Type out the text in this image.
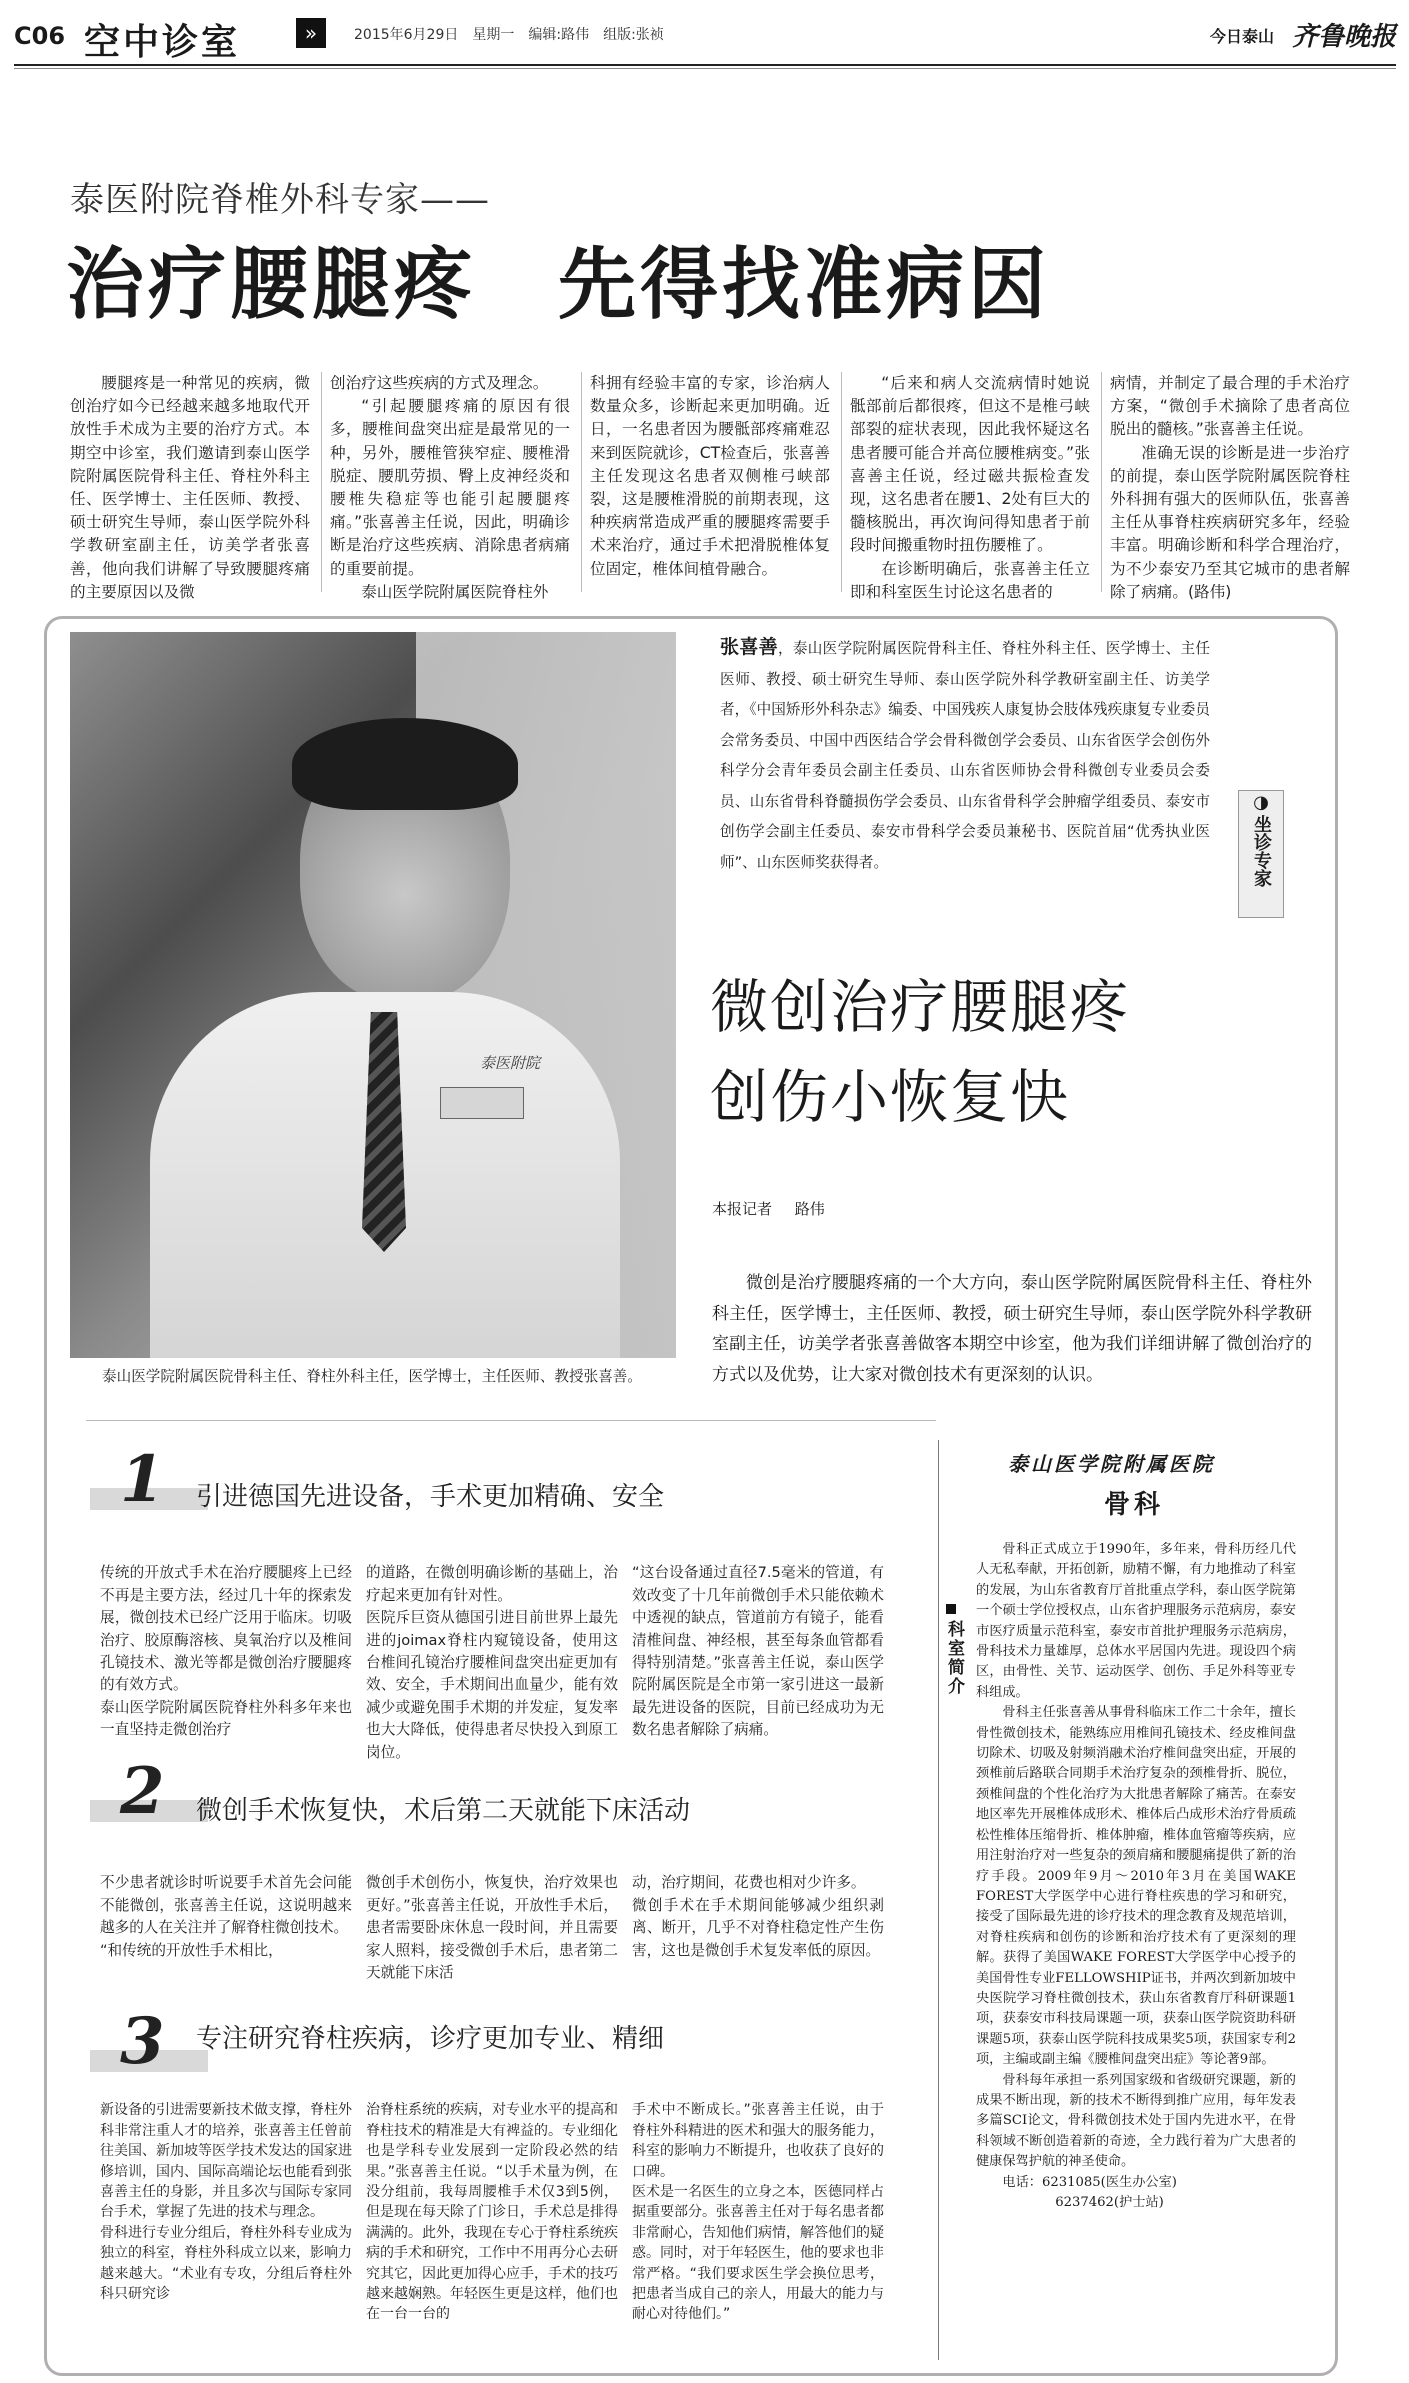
C06 空中诊室	»	2015年6月29日　星期一　编辑:路伟　组版:张祯	今日泰山 齐鲁晚报
泰医附院脊椎外科专家——
治疗腰腿疼　先得找准病因

腰腿疼是一种常见的疾病，微创治疗如今已经越来越多地取代开放性手术成为主要的治疗方式。本期空中诊室，我们邀请到泰山医学院附属医院骨科主任、脊柱外科主任、医学博士、主任医师、教授、硕士研究生导师，泰山医学院外科学教研室副主任，访美学者张喜善，他向我们讲解了导致腰腿疼痛的主要原因以及微

创治疗这些疾病的方式及理念。

“引起腰腿疼痛的原因有很多，腰椎间盘突出症是最常见的一种，另外，腰椎管狭窄症、腰椎滑脱症、腰肌劳损、臀上皮神经炎和腰椎失稳症等也能引起腰腿疼痛。”张喜善主任说，因此，明确诊断是治疗这些疾病、消除患者病痛的重要前提。

泰山医学院附属医院脊柱外

科拥有经验丰富的专家，诊治病人数量众多，诊断起来更加明确。近日，一名患者因为腰骶部疼痛难忍来到医院就诊，CT检查后，张喜善主任发现这名患者双侧椎弓峡部裂，这是腰椎滑脱的前期表现，这种疾病常造成严重的腰腿疼需要手术来治疗，通过手术把滑脱椎体复位固定，椎体间植骨融合。

“后来和病人交流病情时她说骶部前后都很疼，但这不是椎弓峡部裂的症状表现，因此我怀疑这名患者腰可能合并高位腰椎病变。”张喜善主任说，经过磁共振检查发现，这名患者在腰1、2处有巨大的髓核脱出，再次询问得知患者于前段时间搬重物时扭伤腰椎了。

在诊断明确后，张喜善主任立即和科室医生讨论这名患者的

病情，并制定了最合理的手术治疗方案，“微创手术摘除了患者高位脱出的髓核。”张喜善主任说。

准确无误的诊断是进一步治疗的前提，泰山医学院附属医院脊柱外科拥有强大的医师队伍，张喜善主任从事脊柱疾病研究多年，经验丰富。明确诊断和科学合理治疗，为不少泰安乃至其它城市的患者解除了病痛。(路伟)

泰医附院
泰山医学院附属医院骨科主任、脊柱外科主任，医学博士，主任医师、教授张喜善。
张喜善，泰山医学院附属医院骨科主任、脊柱外科主任、医学博士、主任医师、教授、硕士研究生导师、泰山医学院外科学教研室副主任、访美学者，《中国矫形外科杂志》编委、中国残疾人康复协会肢体残疾康复专业委员会常务委员、中国中西医结合学会骨科微创学会委员、山东省医学会创伤外科学分会青年委员会副主任委员、山东省医师协会骨科微创专业委员会委员、山东省骨科脊髓损伤学会委员、山东省骨科学会肿瘤学组委员、泰安市创伤学会副主任委员、泰安市骨科学会委员兼秘书、医院首届“优秀执业医师”、山东医师奖获得者。
◑
坐诊专家
微创治疗腰腿疼
创伤小恢复快
本报记者 路伟
微创是治疗腰腿疼痛的一个大方向，泰山医学院附属医院骨科主任、脊柱外科主任，医学博士，主任医师、教授，硕士研究生导师，泰山医学院外科学教研室副主任，访美学者张喜善做客本期空中诊室，他为我们详细讲解了微创治疗的方式以及优势，让大家对微创技术有更深刻的认识。
1 引进德国先进设备，手术更加精确、安全

传统的开放式手术在治疗腰腿疼上已经不再是主要方法，经过几十年的探索发展，微创技术已经广泛用于临床。切吸治疗、胶原酶溶核、臭氧治疗以及椎间孔镜技术、激光等都是微创治疗腰腿疼的有效方式。
泰山医学院附属医院脊柱外科多年来也一直坚持走微创治疗

的道路，在微创明确诊断的基础上，治疗起来更加有针对性。
医院斥巨资从德国引进目前世界上最先进的joimax脊柱内窥镜设备，使用这台椎间孔镜治疗腰椎间盘突出症更加有效、安全，手术期间出血量少，能有效减少或避免围手术期的并发症，复发率也大大降低，使得患者尽快投入到原工岗位。

“这台设备通过直径7.5毫米的管道，有效改变了十几年前微创手术只能依赖术中透视的缺点，管道前方有镜子，能看清椎间盘、神经根，甚至每条血管都看得特别清楚。”张喜善主任说，泰山医学院附属医院是全市第一家引进这一最新最先进设备的医院，目前已经成功为无数名患者解除了病痛。

2 微创手术恢复快，术后第二天就能下床活动

不少患者就诊时听说要手术首先会问能不能微创，张喜善主任说，这说明越来越多的人在关注并了解脊柱微创技术。
“和传统的开放性手术相比，

微创手术创伤小，恢复快，治疗效果也更好。”张喜善主任说，开放性手术后，患者需要卧床休息一段时间，并且需要家人照料，接受微创手术后，患者第二天就能下床活

动，治疗期间，花费也相对少许多。
微创手术在手术期间能够减少组织剥离、断开，几乎不对脊柱稳定性产生伤害，这也是微创手术复发率低的原因。

3 专注研究脊柱疾病，诊疗更加专业、精细

新设备的引进需要新技术做支撑，脊柱外科非常注重人才的培养，张喜善主任曾前往美国、新加坡等医学技术发达的国家进修培训，国内、国际高端论坛也能看到张喜善主任的身影，并且多次与国际专家同台手术，掌握了先进的技术与理念。
骨科进行专业分组后，脊柱外科专业成为独立的科室，脊柱外科成立以来，影响力越来越大。“术业有专攻，分组后脊柱外科只研究诊

治脊柱系统的疾病，对专业水平的提高和脊柱技术的精准是大有裨益的。专业细化也是学科专业发展到一定阶段必然的结果。”张喜善主任说。“以手术量为例，在没分组前，我每周腰椎手术仅3到5例，但是现在每天除了门诊日，手术总是排得满满的。此外，我现在专心于脊柱系统疾病的手术和研究，工作中不用再分心去研究其它，因此更加得心应手，手术的技巧越来越娴熟。年轻医生更是这样，他们也在一台一台的

手术中不断成长。”张喜善主任说，由于脊柱外科精进的医术和强大的服务能力，科室的影响力不断提升，也收获了良好的口碑。
医术是一名医生的立身之本，医德同样占据重要部分。张喜善主任对于每名患者都非常耐心，告知他们病情，解答他们的疑惑。同时，对于年轻医生，他的要求也非常严格。“我们要求医生学会换位思考，把患者当成自己的亲人，用最大的能力与耐心对待他们。”

泰山医学院附属医院
骨科
科室简介

骨科正式成立于1990年，多年来，骨科历经几代人无私奉献，开拓创新，励精不懈，有力地推动了科室的发展，为山东省教育厅首批重点学科，泰山医学院第一个硕士学位授权点，山东省护理服务示范病房，泰安市医疗质量示范科室，泰安市首批护理服务示范病房，骨科技术力量雄厚，总体水平居国内先进。现设四个病区，由骨性、关节、运动医学、创伤、手足外科等亚专科组成。

骨科主任张喜善从事骨科临床工作二十余年，擅长骨性微创技术，能熟练应用椎间孔镜技术、经皮椎间盘切除术、切吸及射频消融术治疗椎间盘突出症，开展的颈椎前后路联合同期手术治疗复杂的颈椎骨折、脱位，颈椎间盘的个性化治疗为大批患者解除了痛苦。在泰安地区率先开展椎体成形术、椎体后凸成形术治疗骨质疏松性椎体压缩骨折、椎体肿瘤，椎体血管瘤等疾病，应用注射治疗对一些复杂的颈肩痛和腰腿痛提供了新的治疗手段。2009年9月～2010年3月在美国WAKE FOREST大学医学中心进行脊柱疾患的学习和研究，接受了国际最先进的诊疗技术的理念教育及规范培训，对脊柱疾病和创伤的诊断和治疗技术有了更深刻的理解。获得了美国WAKE FOREST大学医学中心授予的美国骨性专业FELLOWSHIP证书，并两次到新加坡中央医院学习脊柱微创技术，获山东省教育厅科研课题1项，获泰安市科技局课题一项，获泰山医学院资助科研课题5项，获泰山医学院科技成果奖5项，获国家专利2项，主编或副主编《腰椎间盘突出症》等论著9部。

骨科每年承担一系列国家级和省级研究课题，新的成果不断出现，新的技术不断得到推广应用，每年发表多篇SCI论文，骨科微创技术处于国内先进水平，在骨科领域不断创造着新的奇迹，全力践行着为广大患者的健康保驾护航的神圣使命。

电话：6231085(医生办公室)

6237462(护士站)
